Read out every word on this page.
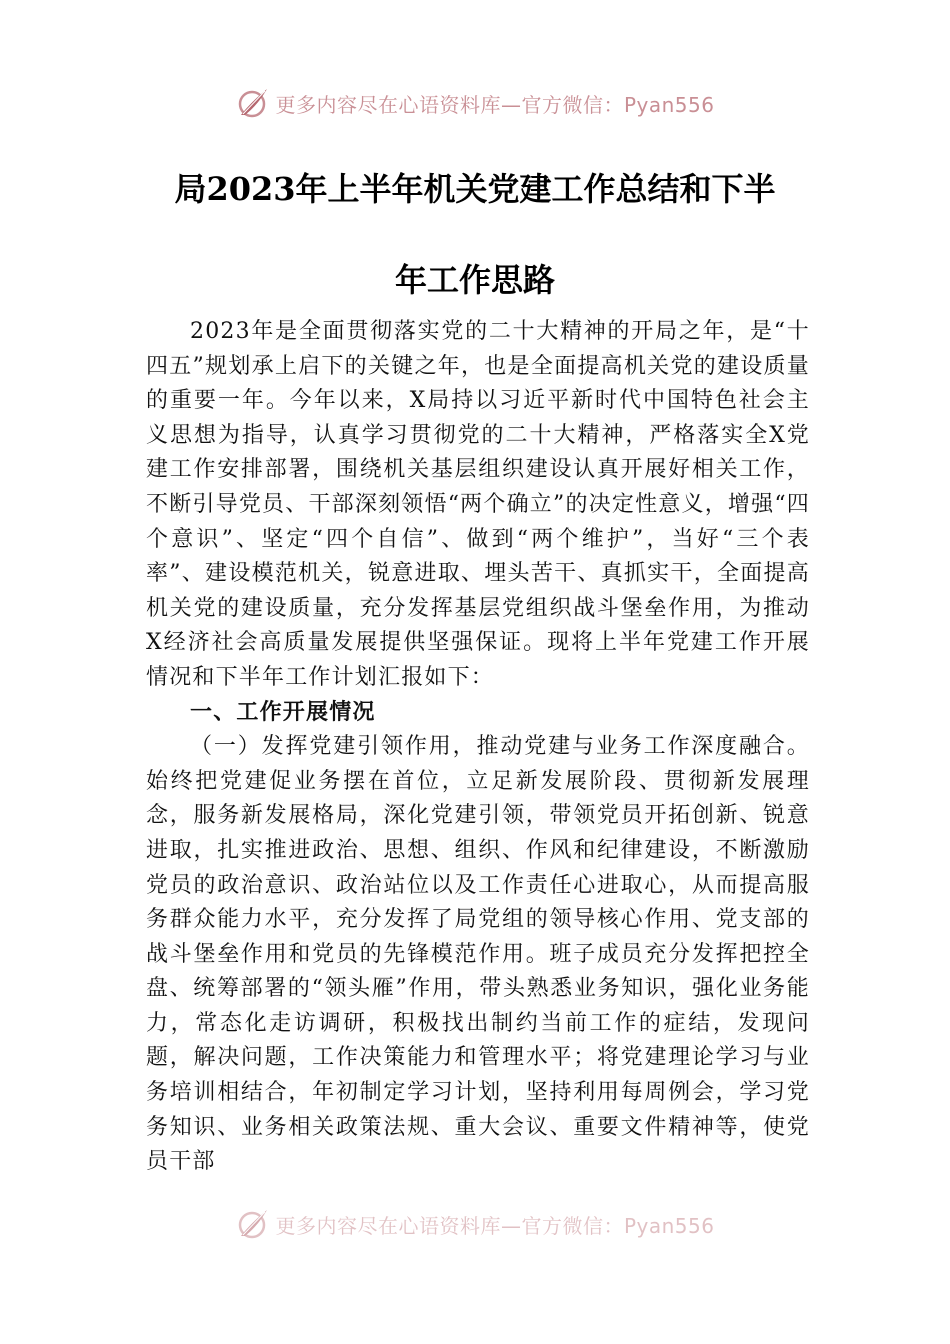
更多内容尽在心语资料库—官方微信：Pyan556
局2023年上半年机关党建工作总结和下半
年工作思路

2023年是全面贯彻落实党的二十大精神的开局之年，是“十四五”规划承上启下的关键之年，也是全面提高机关党的建设质量的重要一年。今年以来，X局持以习近平新时代中国特色社会主义思想为指导，认真学习贯彻党的二十大精神，严格落实全X党建工作安排部署，围绕机关基层组织建设认真开展好相关工作，不断引导党员、干部深刻领悟“两个确立”的决定性意义，增强“四个意识”、坚定“四个自信”、做到“两个维护”，当好“三个表率”、建设模范机关，锐意进取、埋头苦干、真抓实干，全面提高机关党的建设质量，充分发挥基层党组织战斗堡垒作用，为推动X经济社会高质量发展提供坚强保证。现将上半年党建工作开展情况和下半年工作计划汇报如下：

一、工作开展情况

（一）发挥党建引领作用，推动党建与业务工作深度融合。始终把党建促业务摆在首位，立足新发展阶段、贯彻新发展理念，服务新发展格局，深化党建引领，带领党员开拓创新、锐意进取，扎实推进政治、思想、组织、作风和纪律建设，不断激励党员的政治意识、政治站位以及工作责任心进取心，从而提高服务群众能力水平，充分发挥了局党组的领导核心作用、党支部的战斗堡垒作用和党员的先锋模范作用。班子成员充分发挥把控全盘、统筹部署的“领头雁”作用，带头熟悉业务知识，强化业务能力，常态化走访调研，积极找出制约当前工作的症结，发现问题，解决问题，工作决策能力和管理水平；将党建理论学习与业务培训相结合，年初制定学习计划，坚持利用每周例会，学习党务知识、业务相关政策法规、重大会议、重要文件精神等，使党员干部

更多内容尽在心语资料库—官方微信：Pyan556
